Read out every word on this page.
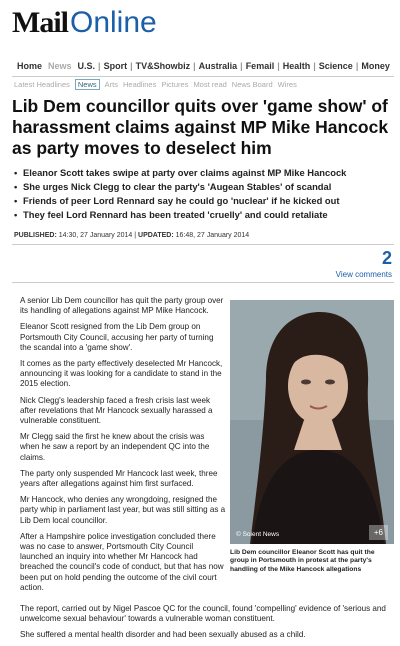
Mail Online
Home News U.S. | Sport | TV&Showbiz | Australia | Femail | Health | Science | Money
Latest Headlines	News	Arts Headlines Pictures Most read News Board Wires
Lib Dem councillor quits over 'game show' of harassment claims against MP Mike Hancock as party moves to deselect him
• Eleanor Scott takes swipe at party over claims against MP Mike Hancock
• She urges Nick Clegg to clear the party's 'Augean Stables' of scandal
• Friends of peer Lord Rennard say he could go 'nuclear' if he kicked out
• They feel Lord Rennard has been treated 'cruelly' and could retaliate
PUBLISHED: 14:30, 27 January 2014 | UPDATED: 16:48, 27 January 2014
2
View comments

A senior Lib Dem councillor has quit the party group over its handling of allegations against MP Mike Hancock.

Eleanor Scott resigned from the Lib Dem group on Portsmouth City Council, accusing her party of turning the scandal into a 'game show'.

It comes as the party effectively deselected Mr Hancock, announcing it was looking for a candidate to stand in the 2015 election.

Nick Clegg's leadership faced a fresh crisis last week after revelations that Mr Hancock sexually harassed a vulnerable constituent.

Mr Clegg said the first he knew about the crisis was when he saw a report by an independent QC into the claims.

The party only suspended Mr Hancock last week, three years after allegations against him first surfaced.

Mr Hancock, who denies any wrongdoing, resigned the party whip in parliament last year, but was still sitting as a Lib Dem local councillor.

After a Hampshire police investigation concluded there was no case to answer, Portsmouth City Council launched an inquiry into whether Mr Hancock had breached the council's code of conduct, but that has now been put on hold pending the outcome of the civil court action.

© Solent News	+6
Lib Dem councillor Eleanor Scott has quit the group in Portsmouth in protest at the party's handling of the Mike Hancock allegations

The report, carried out by Nigel Pascoe QC for the council, found 'compelling' evidence of 'serious and unwelcome sexual behaviour' towards a vulnerable woman constituent.

She suffered a mental health disorder and had been sexually abused as a child.
